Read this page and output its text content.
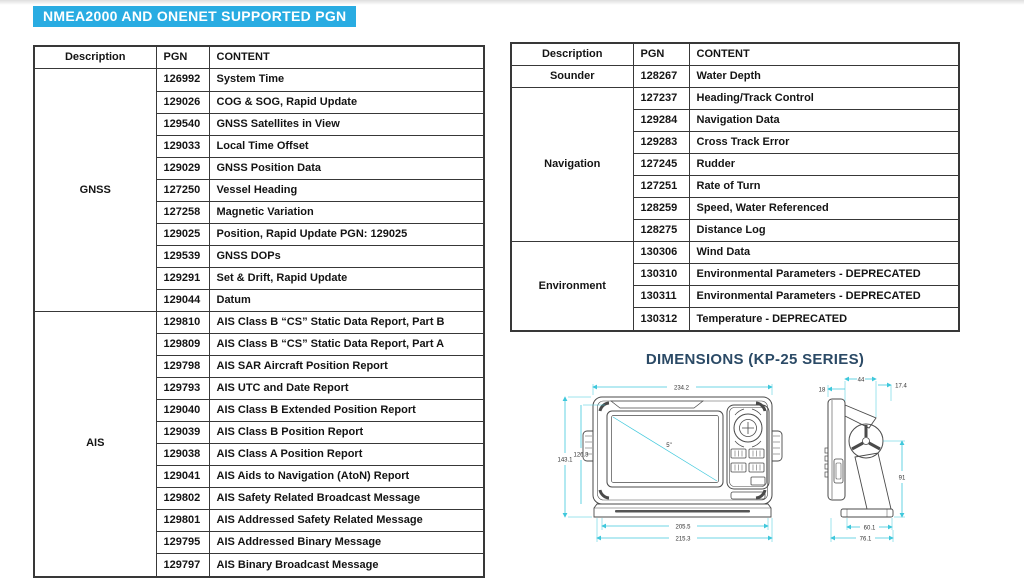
NMEA2000 AND ONENET SUPPORTED PGN
Description	PGN	CONTENT
GNSS	126992	System Time
	129026	COG & SOG, Rapid Update
	129540	GNSS Satellites in View
	129033	Local Time Offset
	129029	GNSS Position Data
	127250	Vessel Heading
	127258	Magnetic Variation
	129025	Position, Rapid Update PGN: 129025
	129539	GNSS DOPs
	129291	Set & Drift, Rapid Update
	129044	Datum
AIS	129810	AIS Class B “CS” Static Data Report, Part B
	129809	AIS Class B “CS” Static Data Report, Part A
	129798	AIS SAR Aircraft Position Report
	129793	AIS UTC and Date Report
	129040	AIS Class B Extended Position Report
	129039	AIS Class B Position Report
	129038	AIS Class A Position Report
	129041	AIS Aids to Navigation (AtoN) Report
	129802	AIS Safety Related Broadcast Message
	129801	AIS Addressed Safety Related Message
	129795	AIS Addressed Binary Message
	129797	AIS Binary Broadcast Message
Description	PGN	CONTENT
Sounder	128267	Water Depth
Navigation	127237	Heading/Track Control
	129284	Navigation Data
	129283	Cross Track Error
	127245	Rudder
	127251	Rate of Turn
	128259	Speed, Water Referenced
	128275	Distance Log
Environment	130306	Wind Data
	130310	Environmental Parameters - DEPRECATED
	130311	Environmental Parameters - DEPRECATED
	130312	Temperature - DEPRECATED
DIMENSIONS (KP-25 SERIES)
234.2
143.1
126.3
5"
205.5
215.3
18
44
17.4
91
60.1
76.1
